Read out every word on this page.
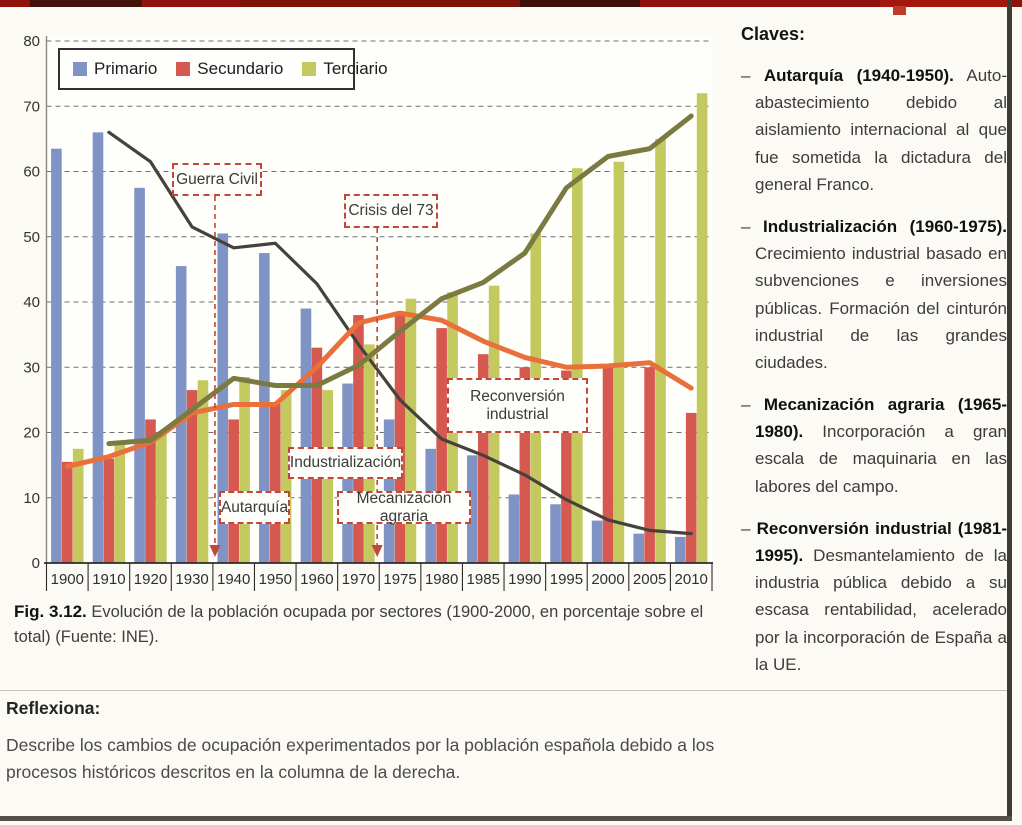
0
10
20
30
40
50
60
70
80
1900 1910 1920 1930 1940 1950 1960 1970 1975 1980 1985 1990 1995 2000 2005 2010
Primario Secundario Terciario
Guerra Civil
Crisis del 73
Reconversión industrial
Industrialización
Autarquía
Mecanización agraria

Fig. 3.12. Evolución de la población ocupada por sectores (1900-2000, en porcentaje sobre el total) (Fuente: INE).

Claves:
– Autarquía (1940-1950). Auto-abastecimiento debido al aislamiento internacional al que fue sometida la dictadura del general Franco.
– Industrialización (1960-1975). Crecimiento industrial basado en subvenciones e inversiones públicas. Formación del cinturón industrial de las grandes ciudades.
– Mecanización agraria (1965-1980). Incorporación a gran escala de maquinaria en las labores del campo.
– Reconversión industrial (1981-1995). Desmantelamiento de la industria pública debido a su escasa rentabilidad, acelerado por la incorporación de España a la UE.
Reflexiona:

Describe los cambios de ocupación experimentados por la población española debido a los procesos históricos descritos en la columna de la derecha.
